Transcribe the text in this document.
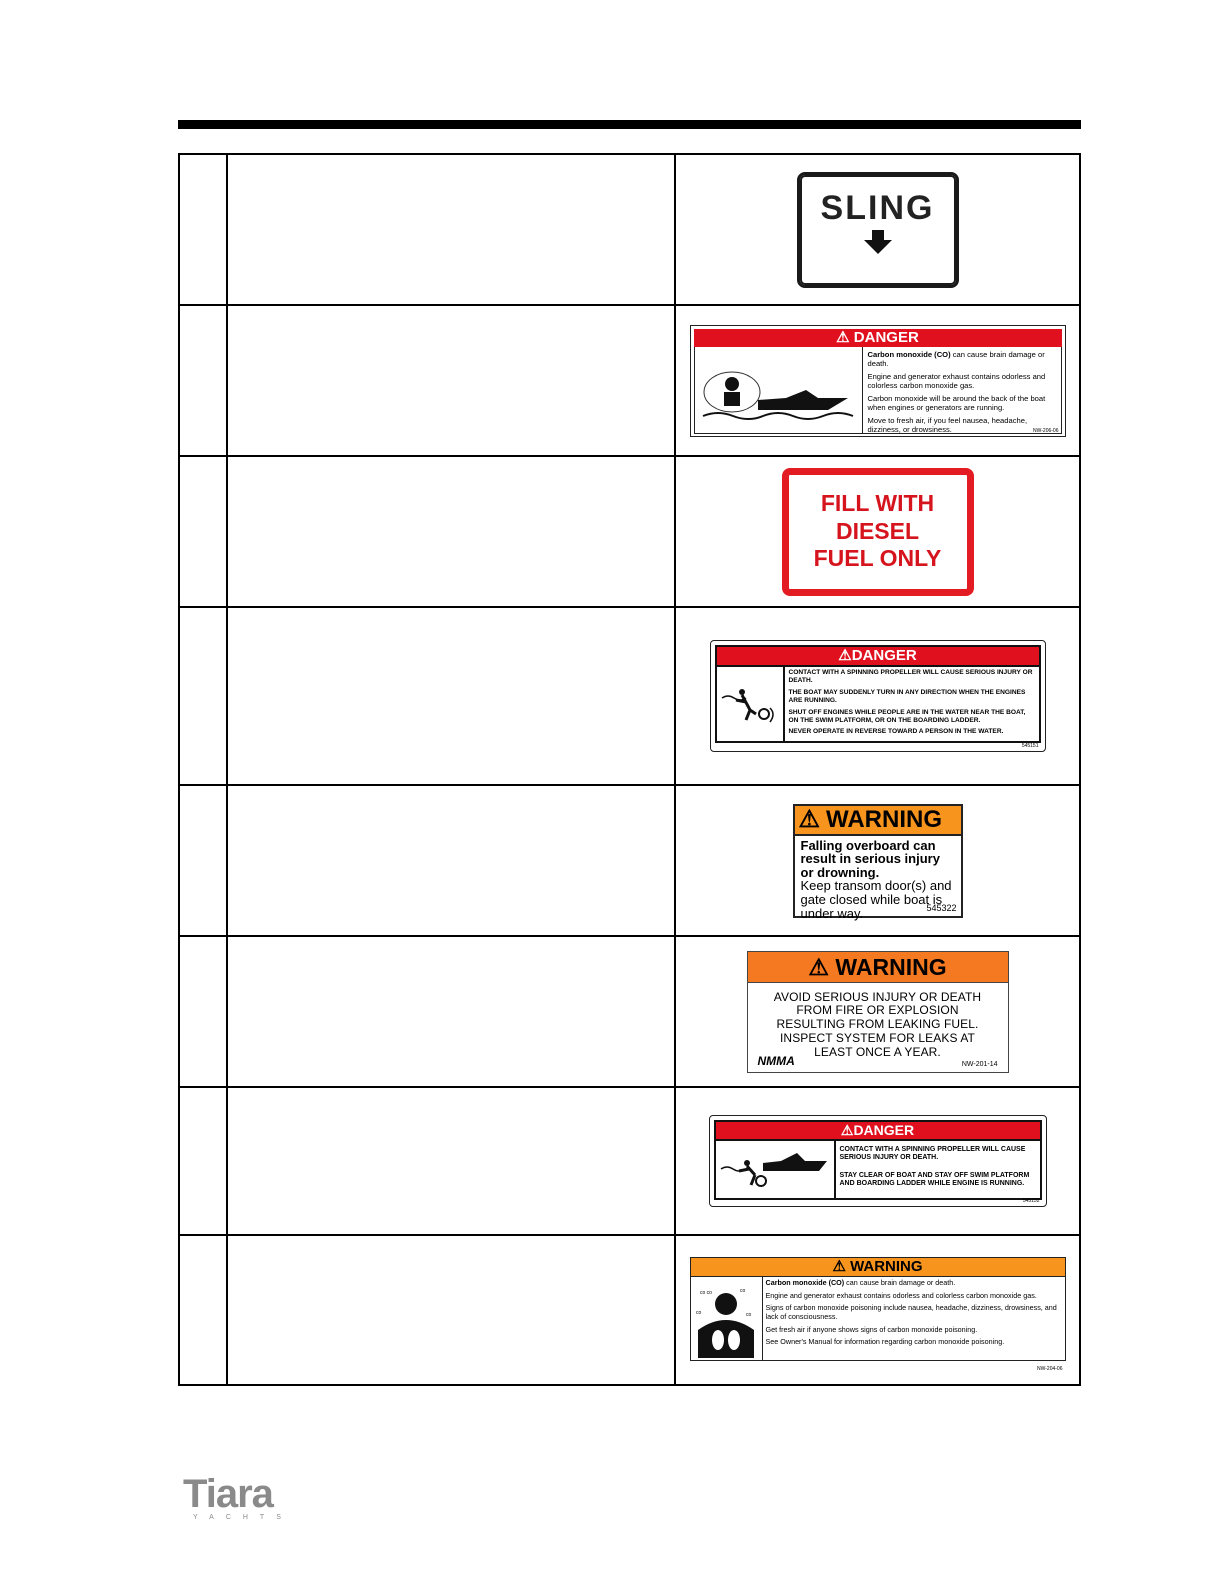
SLING
⚠ DANGER

Carbon monoxide (CO) can cause brain damage or death.

Engine and generator exhaust contains odorless and colorless carbon monoxide gas.

Carbon monoxide will be around the back of the boat when engines or generators are running.

Move to fresh air, if you feel nausea, headache, dizziness, or drowsiness.	NW-206-06
FILL WITH
DIESEL
FUEL ONLY
⚠DANGER

CONTACT WITH A SPINNING PROPELLER WILL CAUSE SERIOUS INJURY OR DEATH.

THE BOAT MAY SUDDENLY TURN IN ANY DIRECTION WHEN THE ENGINES ARE RUNNING.

SHUT OFF ENGINES WHILE PEOPLE ARE IN THE WATER NEAR THE BOAT, ON THE SWIM PLATFORM, OR ON THE BOARDING LADDER.

NEVER OPERATE IN REVERSE TOWARD A PERSON IN THE WATER.

545151
⚠ WARNING
Falling overboard can result in serious injury or drowning.
Keep transom door(s) and gate closed while boat is under way.	545322
⚠ WARNING
AVOID SERIOUS INJURY OR DEATH
FROM FIRE OR EXPLOSION
RESULTING FROM LEAKING FUEL.
INSPECT SYSTEM FOR LEAKS AT
LEAST ONCE A YEAR.
NMMA	NW-201-14
⚠DANGER

CONTACT WITH A SPINNING PROPELLER WILL CAUSE SERIOUS INJURY OR DEATH.

STAY CLEAR OF BOAT AND STAY OFF SWIM PLATFORM AND BOARDING LADDER WHILE ENGINE IS RUNNING.

545152
⚠ WARNING
co co	co
co	co

Carbon monoxide (CO) can cause brain damage or death.

Engine and generator exhaust contains odorless and colorless carbon monoxide gas.

Signs of carbon monoxide poisoning include nausea, headache, dizziness, drowsiness, and lack of consciousness.

Get fresh air if anyone shows signs of carbon monoxide poisoning.

See Owner's Manual for information regarding carbon monoxide poisoning.

NW-204-06
Tiara
YACHTS
